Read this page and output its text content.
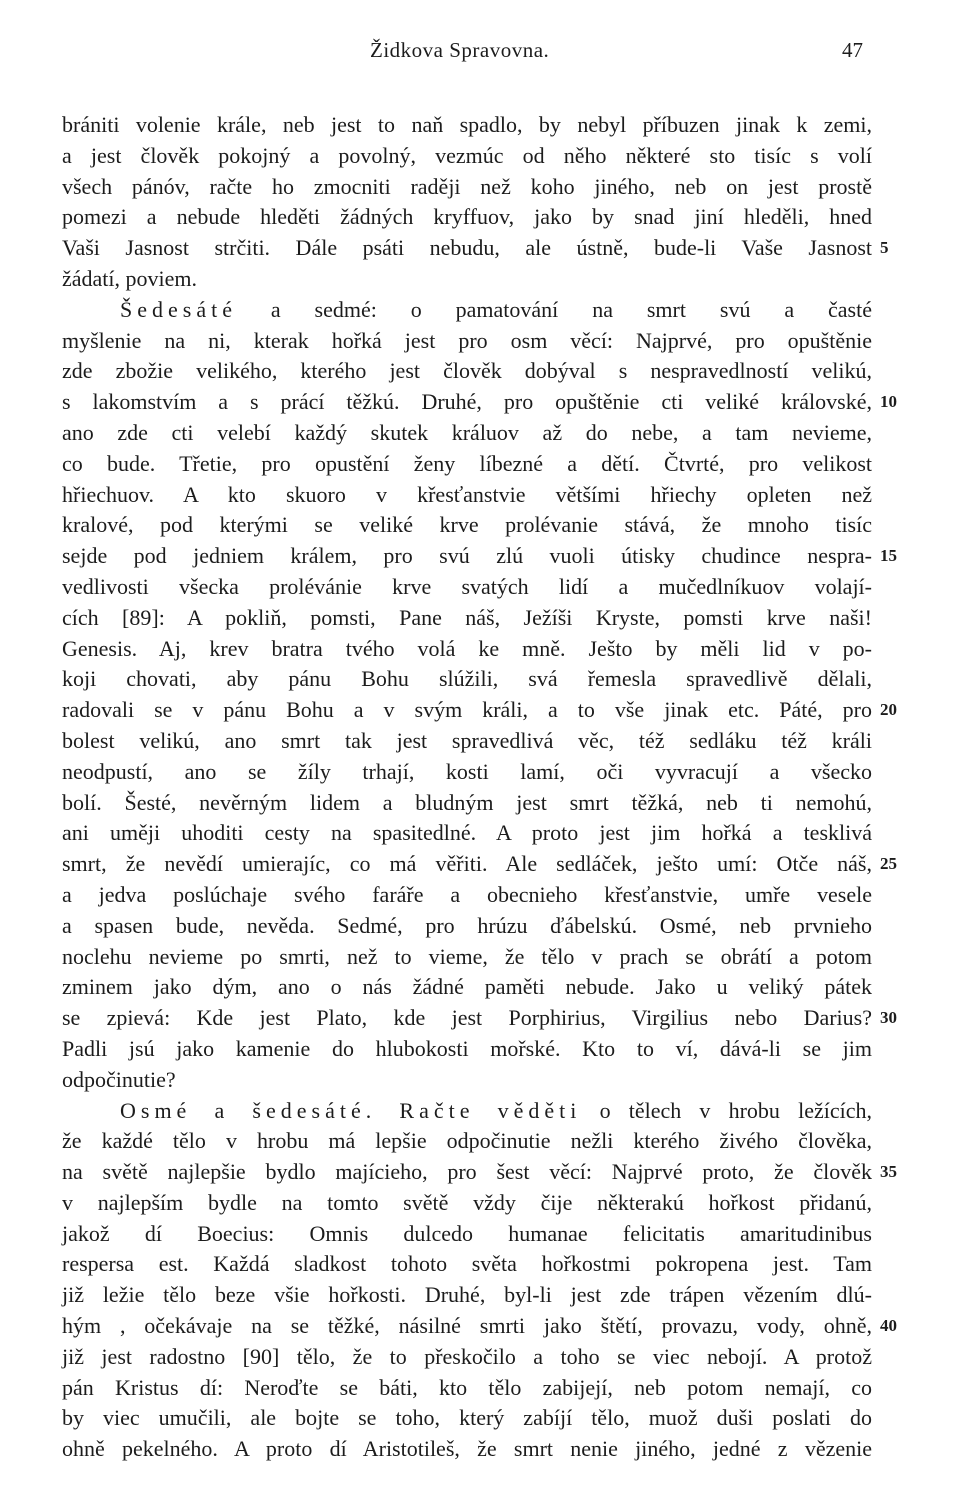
Židkova Spravovna.	47
brániti volenie krále, neb jest to naň spadlo, by nebyl příbuzen jinak k zemi,
a jest člověk pokojný a povolný, vezmúc od něho některé sto tisíc s volí
všech pánóv, račte ho zmocniti raději než koho jiného, neb on jest prostě
pomezi a nebude hleděti žádných kryffuov, jako by snad jiní hleděli, hned
Vaši Jasnost strčiti. Dále psáti nebudu, ale ústně, bude-li Vaše Jasnost
žádatí, poviem.
Šedesáté a sedmé: o pamatování na smrt svú a časté
myšlenie na ni, kterak hořká jest pro osm věcí: Najprvé, pro opuštěnie
zde zbožie velikého, kterého jest člověk dobýval s nespravedlností velikú,
s lakomstvím a s prácí těžkú. Druhé, pro opuštěnie cti veliké královské,
ano zde cti velebí každý skutek králuov až do nebe, a tam nevieme,
co bude. Třetie, pro opustění ženy líbezné a dětí. Čtvrté, pro velikost
hřiechuov. A kto skuoro v křesťanstvie většími hřiechy opleten než
kralové, pod kterými se veliké krve prolévanie stává, že mnoho tisíc
sejde pod jedniem králem, pro svú zlú vuoli útisky chudince nespra-
vedlivosti všecka prolévánie krve svatých lidí a mučedlníkuov volají-
cích [89]: A pokliň, pomsti, Pane náš, Ježíši Kryste, pomsti krve naši!
Genesis. Aj, krev bratra tvého volá ke mně. Ješto by měli lid v po-
koji chovati, aby pánu Bohu slúžili, svá řemesla spravedlivě dělali,
radovali se v pánu Bohu a v svým králi, a to vše jinak etc. Páté, pro
bolest velikú, ano smrt tak jest spravedlivá věc, též sedláku též králi
neodpustí, ano se žíly trhají, kosti lamí, oči vyvracují a všecko
bolí. Šesté, nevěrným lidem a bludným jest smrt těžká, neb ti nemohú,
ani uměji uhoditi cesty na spasitedlné. A proto jest jim hořká a tesklivá
smrt, že nevědí umierajíc, co má věřiti. Ale sedláček, ješto umí: Otče náš,
a jedva poslúchaje svého faráře a obecnieho křesťanstvie, umře vesele
a spasen bude, nevěda. Sedmé, pro hrúzu ďábelskú. Osmé, neb prvnieho
noclehu nevieme po smrti, než to vieme, že tělo v prach se obrátí a potom
zminem jako dým, ano o nás žádné paměti nebude. Jako u veliký pátek
se zpievá: Kde jest Plato, kde jest Porphirius, Virgilius nebo Darius?
Padli jsú jako kamenie do hlubokosti mořské. Kto to ví, dává-li se jim
odpočinutie?
Osmé a šedesáté. Račte věděti o tělech v hrobu ležících,
že každé tělo v hrobu má lepšie odpočinutie nežli kterého živého člověka,
na světě najlepšie bydlo majícieho, pro šest věcí: Najprvé proto, že člověk
v najlepším bydle na tomto světě vždy čije některakú hořkost přidanú,
jakož dí Boecius: Omnis dulcedo humanae felicitatis amaritudinibus
respersa est. Každá sladkost tohoto světa hořkostmi pokropena jest. Tam
již ležie tělo beze všie hořkosti. Druhé, byl-li jest zde trápen vězením dlú-
hým , očekávaje na se těžké, násilné smrti jako štětí, provazu, vody, ohně,
již jest radostno [90] tělo, že to přeskočilo a toho se viec nebojí. A protož
pán Kristus dí: Neroďte se báti, kto tělo zabijejí, neb potom nemají, co
by viec umučili, ale bojte se toho, který zabíjí tělo, muož duši poslati do
ohně pekelného. A proto dí Aristotileš, že smrt nenie jiného, jedné z vězenie
5
10
15
20
25
30
35
40
